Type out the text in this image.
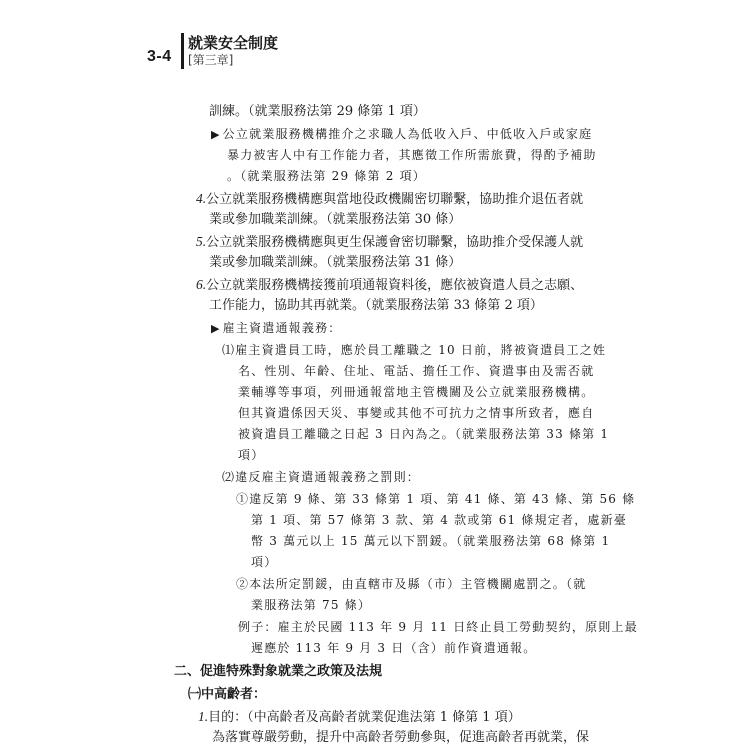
就業安全制度
3-4 [第三章]
訓練。（就業服務法第 29 條第 1 項）
▶ 公立就業服務機構推介之求職人為低收入戶、中低收入戶或家庭
暴力被害人中有工作能力者，其應徵工作所需旅費，得酌予補助
。（就業服務法第 29 條第 2 項）
4.公立就業服務機構應與當地役政機關密切聯繫，協助推介退伍者就
業或參加職業訓練。（就業服務法第 30 條）
5.公立就業服務機構應與更生保護會密切聯繫，協助推介受保護人就
業或參加職業訓練。（就業服務法第 31 條）
6.公立就業服務機構接獲前項通報資料後，應依被資遣人員之志願、
工作能力，協助其再就業。（就業服務法第 33 條第 2 項）
▶ 雇主資遣通報義務：
⑴雇主資遣員工時，應於員工離職之 10 日前，將被資遣員工之姓
名、性別、年齡、住址、電話、擔任工作、資遣事由及需否就
業輔導等事項，列冊通報當地主管機關及公立就業服務機構。
但其資遣係因天災、事變或其他不可抗力之情事所致者，應自
被資遣員工離職之日起 3 日內為之。（就業服務法第 33 條第 1
項）
⑵違反雇主資遣通報義務之罰則：
①違反第 9 條、第 33 條第 1 項、第 41 條、第 43 條、第 56 條
第 1 項、第 57 條第 3 款、第 4 款或第 61 條規定者，處新臺
幣 3 萬元以上 15 萬元以下罰鍰。（就業服務法第 68 條第 1
項）
②本法所定罰鍰，由直轄市及縣（市）主管機關處罰之。（就
業服務法第 75 條）
例子：雇主於民國 113 年 9 月 11 日終止員工勞動契約，原則上最
遲應於 113 年 9 月 3 日（含）前作資遣通報。
二、促進特殊對象就業之政策及法規
㈠中高齡者：
1.目的：（中高齡者及高齡者就業促進法第 1 條第 1 項）
為落實尊嚴勞動，提升中高齡者勞動參與，促進高齡者再就業，保
